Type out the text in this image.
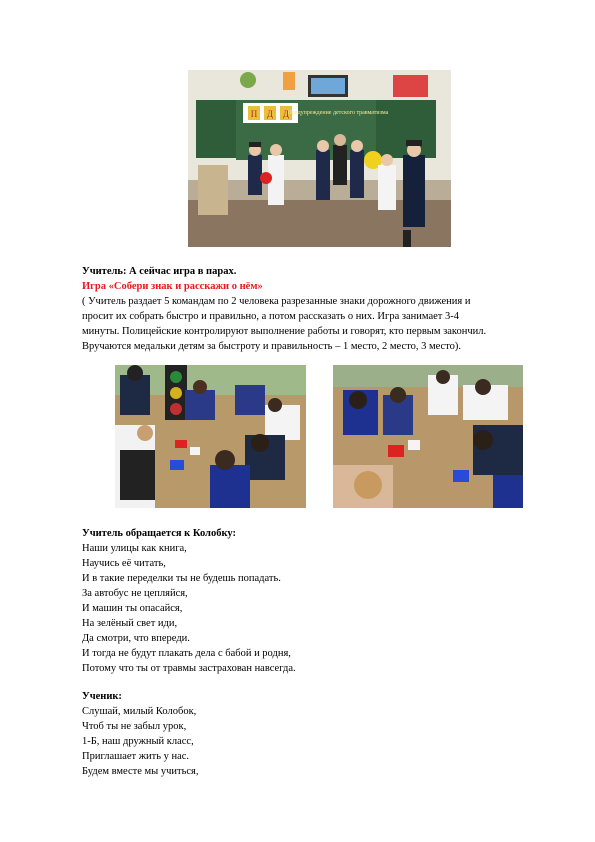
П Д Д
Предупреждение детского травматизма
Учитель: А сейчас игра в парах.
Игра «Собери знак и расскажи о нём»
( Учитель раздает 5 командам по 2 человека разрезанные знаки дорожного движения и
просит их собрать быстро и правильно, а потом рассказать о них. Игра занимает 3-4
минуты. Полицейские контролируют выполнение работы и говорят, кто первым закончил.
Вручаются медальки детям за быстроту и правильность – 1 место, 2 место, 3 место).
Учитель обращается к Колобку:
Наши улицы как книга,
Научись её читать,
И в такие переделки ты не будешь попадать.
За автобус не цепляйся,
И машин ты опасайся,
На зелёный свет иди,
Да смотри, что впереди.
И тогда не будут плакать дела с бабой и родня,
Потому что ты от травмы застрахован навсегда.
Ученик:
Слушай, милый Колобок,
Чтоб ты не забыл урок,
1-Б, наш дружный класс,
Приглашает жить у нас.
Будем вместе мы учиться,
